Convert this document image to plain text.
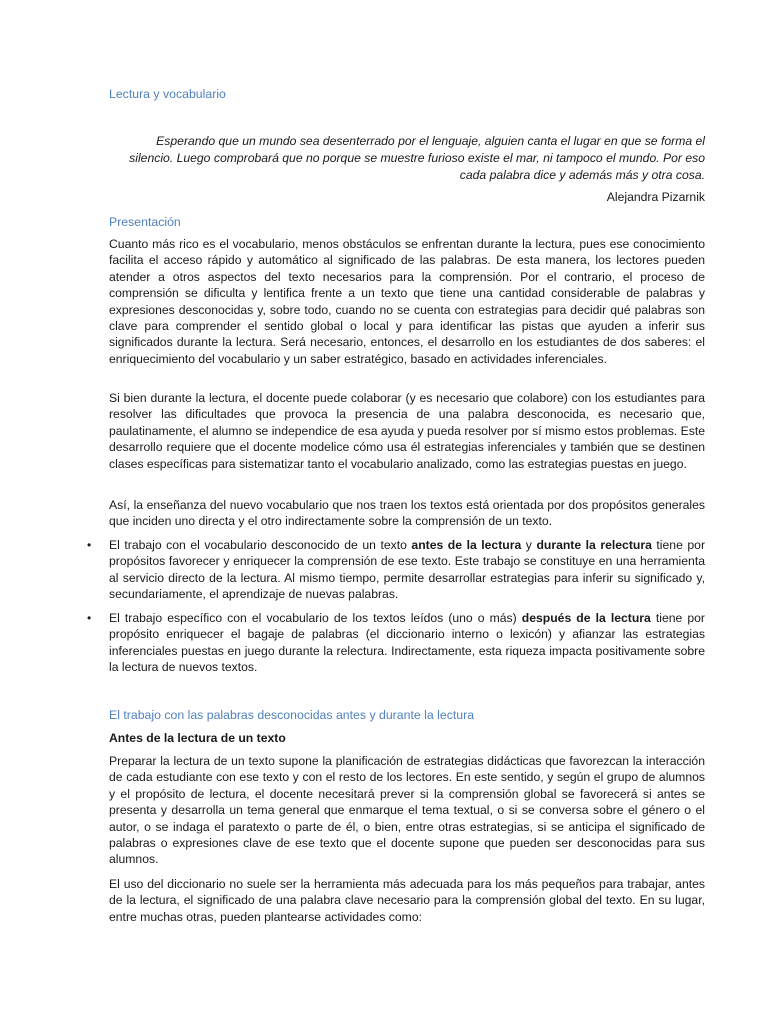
Lectura y vocabulario
Esperando que un mundo sea desenterrado por el lenguaje, alguien canta el lugar en que se forma el silencio. Luego comprobará que no porque se muestre furioso existe el mar, ni tampoco el mundo. Por eso cada palabra dice y además más y otra cosa.
Alejandra Pizarnik
Presentación

Cuanto más rico es el vocabulario, menos obstáculos se enfrentan durante la lectura, pues ese conocimiento facilita el acceso rápido y automático al significado de las palabras. De esta manera, los lectores pueden atender a otros aspectos del texto necesarios para la comprensión. Por el contrario, el proceso de comprensión se dificulta y lentifica frente a un texto que tiene una cantidad considerable de palabras y expresiones desconocidas y, sobre todo, cuando no se cuenta con estrategias para decidir qué palabras son clave para comprender el sentido global o local y para identificar las pistas que ayuden a inferir sus significados durante la lectura. Será necesario, entonces, el desarrollo en los estudiantes de dos saberes: el enriquecimiento del vocabulario y un saber estratégico, basado en actividades inferenciales.

Si bien durante la lectura, el docente puede colaborar (y es necesario que colabore) con los estudiantes para resolver las dificultades que provoca la presencia de una palabra desconocida, es necesario que, paulatinamente, el alumno se independice de esa ayuda y pueda resolver por sí mismo estos problemas. Este desarrollo requiere que el docente modelice cómo usa él estrategias inferenciales y también que se destinen clases específicas para sistematizar tanto el vocabulario analizado, como las estrategias puestas en juego.

Así, la enseñanza del nuevo vocabulario que nos traen los textos está orientada por dos propósitos generales que inciden uno directa y el otro indirectamente sobre la comprensión de un texto.

• El trabajo con el vocabulario desconocido de un texto antes de la lectura y durante la relectura tiene por propósitos favorecer y enriquecer la comprensión de ese texto. Este trabajo se constituye en una herramienta al servicio directo de la lectura. Al mismo tiempo, permite desarrollar estrategias para inferir su significado y, secundariamente, el aprendizaje de nuevas palabras.

• El trabajo específico con el vocabulario de los textos leídos (uno o más) después de la lectura tiene por propósito enriquecer el bagaje de palabras (el diccionario interno o lexicón) y afianzar las estrategias inferenciales puestas en juego durante la relectura. Indirectamente, esta riqueza impacta positivamente sobre la lectura de nuevos textos.

El trabajo con las palabras desconocidas antes y durante la lectura
Antes de la lectura de un texto

Preparar la lectura de un texto supone la planificación de estrategias didácticas que favorezcan la interacción de cada estudiante con ese texto y con el resto de los lectores. En este sentido, y según el grupo de alumnos y el propósito de lectura, el docente necesitará prever si la comprensión global se favorecerá si antes se presenta y desarrolla un tema general que enmarque el tema textual, o si se conversa sobre el género o el autor, o se indaga el paratexto o parte de él, o bien, entre otras estrategias, si se anticipa el significado de palabras o expresiones clave de ese texto que el docente supone que pueden ser desconocidas para sus alumnos.

El uso del diccionario no suele ser la herramienta más adecuada para los más pequeños para trabajar, antes de la lectura, el significado de una palabra clave necesario para la comprensión global del texto. En su lugar, entre muchas otras, pueden plantearse actividades como:
